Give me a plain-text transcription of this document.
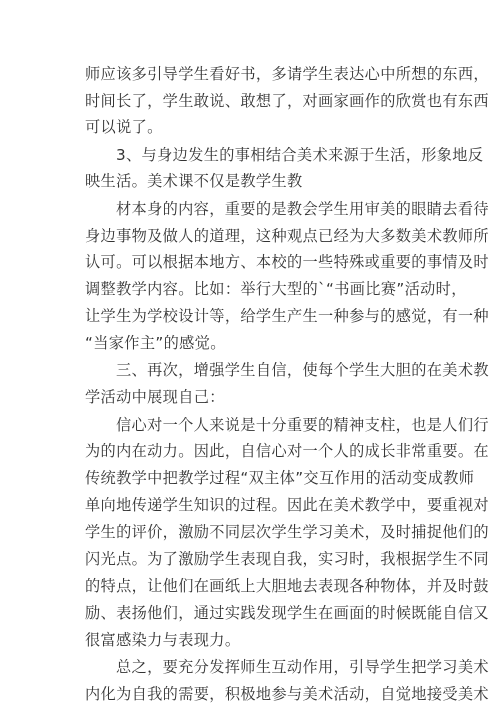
师应该多引导学生看好书，多请学生表达心中所想的东西，
时间长了，学生敢说、敢想了，对画家画作的欣赏也有东西
可以说了。
3、与身边发生的事相结合美术来源于生活，形象地反
映生活。美术课不仅是教学生教
材本身的内容，重要的是教会学生用审美的眼睛去看待
身边事物及做人的道理，这种观点已经为大多数美术教师所
认可。可以根据本地方、本校的一些特殊或重要的事情及时
调整教学内容。比如：举行大型的`“书画比赛”活动时，
让学生为学校设计等，给学生产生一种参与的感觉，有一种
“当家作主”的感觉。
三、再次，增强学生自信，使每个学生大胆的在美术教
学活动中展现自己：
信心对一个人来说是十分重要的精神支柱，也是人们行
为的内在动力。因此，自信心对一个人的成长非常重要。在
传统教学中把教学过程“双主体”交互作用的活动变成教师
单向地传递学生知识的过程。因此在美术教学中，要重视对
学生的评价，激励不同层次学生学习美术，及时捕捉他们的
闪光点。为了激励学生表现自我，实习时，我根据学生不同
的特点，让他们在画纸上大胆地去表现各种物体，并及时鼓
励、表扬他们，通过实践发现学生在画面的时候既能自信又
很富感染力与表现力。
总之，要充分发挥师生互动作用，引导学生把学习美术
内化为自我的需要，积极地参与美术活动，自觉地接受美术
